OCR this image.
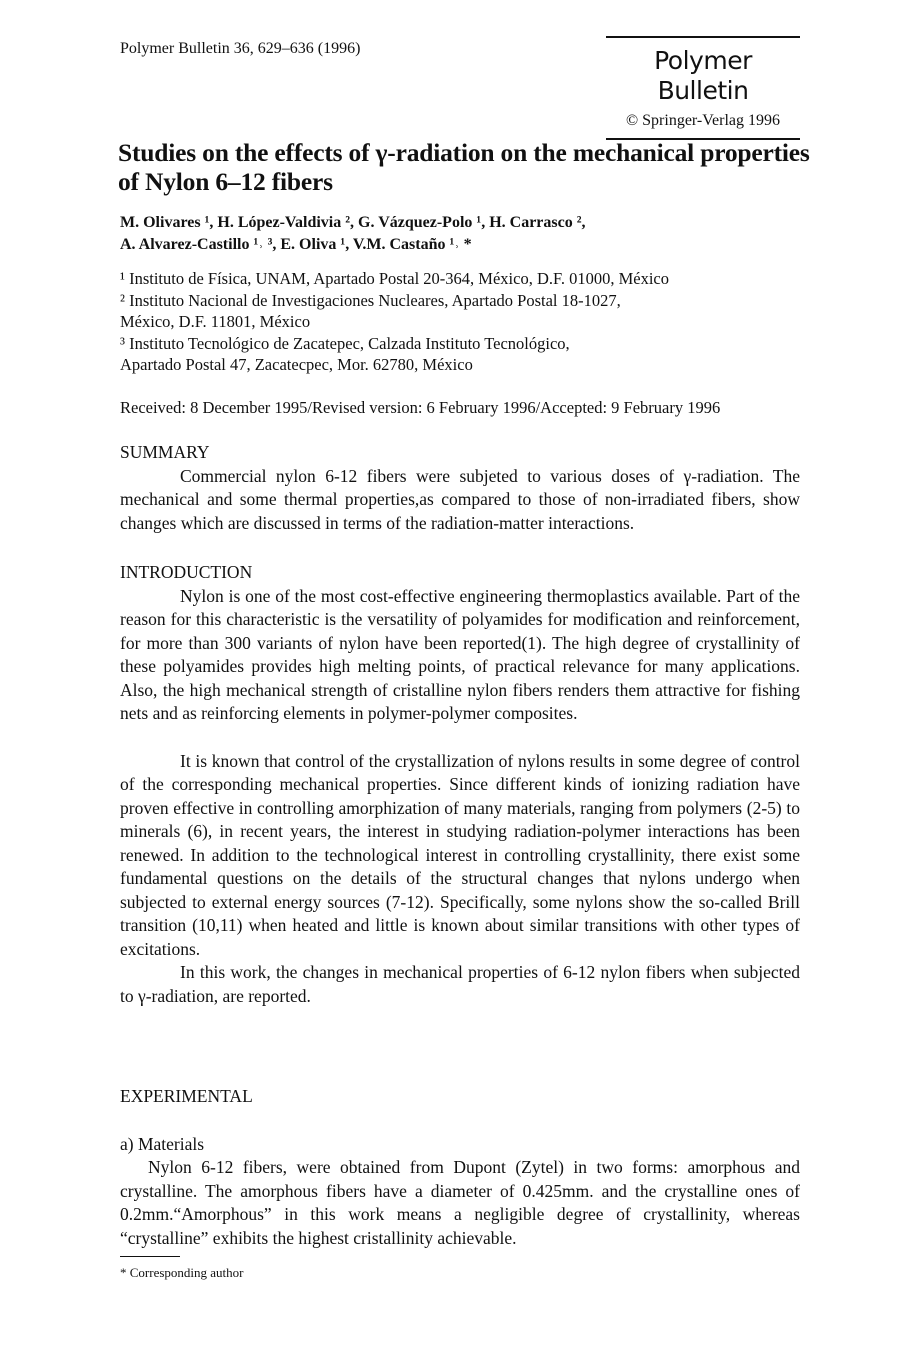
Polymer Bulletin 36, 629–636 (1996)	Polymer Bulletin
© Springer-Verlag 1996
Studies on the effects of γ-radiation on the mechanical properties of Nylon 6–12 fibers
M. Olivares ¹, H. López-Valdivia ², G. Vázquez-Polo ¹, H. Carrasco ²,
A. Alvarez-Castillo ¹˒ ³, E. Oliva ¹, V.M. Castaño ¹˒ *
¹ Instituto de Física, UNAM, Apartado Postal 20-364, México, D.F. 01000, México
² Instituto Nacional de Investigaciones Nucleares, Apartado Postal 18-1027,
México, D.F. 11801, México
³ Instituto Tecnológico de Zacatepec, Calzada Instituto Tecnológico,
Apartado Postal 47, Zacatecpec, Mor. 62780, México
Received: 8 December 1995/Revised version: 6 February 1996/Accepted: 9 February 1996
SUMMARY
Commercial nylon 6-12 fibers were subjeted to various doses of γ-radiation. The mechanical and some thermal properties,as compared to those of non-irradiated fibers, show changes which are discussed in terms of the radiation-matter interactions.
INTRODUCTION
Nylon is one of the most cost-effective engineering thermoplastics available. Part of the reason for this characteristic is the versatility of polyamides for modification and reinforcement, for more than 300 variants of nylon have been reported(1). The high degree of crystallinity of these polyamides provides high melting points, of practical relevance for many applications. Also, the high mechanical strength of cristalline nylon fibers renders them attractive for fishing nets and as reinforcing elements in polymer-polymer composites.
It is known that control of the crystallization of nylons results in some degree of control of the corresponding mechanical properties. Since different kinds of ionizing radiation have proven effective in controlling amorphization of many materials, ranging from polymers (2-5) to minerals (6), in recent years, the interest in studying radiation-polymer interactions has been renewed. In addition to the technological interest in controlling crystallinity, there exist some fundamental questions on the details of the structural changes that nylons undergo when subjected to external energy sources (7-12). Specifically, some nylons show the so-called Brill transition (10,11) when heated and little is known about similar transitions with other types of excitations.
In this work, the changes in mechanical properties of 6-12 nylon fibers when subjected to γ-radiation, are reported.
EXPERIMENTAL
a) Materials
Nylon 6-12 fibers, were obtained from Dupont (Zytel) in two forms: amorphous and crystalline. The amorphous fibers have a diameter of 0.425mm. and the crystalline ones of 0.2mm.“Amorphous” in this work means a negligible degree of crystallinity, whereas “crystalline” exhibits the highest cristallinity achievable.
* Corresponding author
